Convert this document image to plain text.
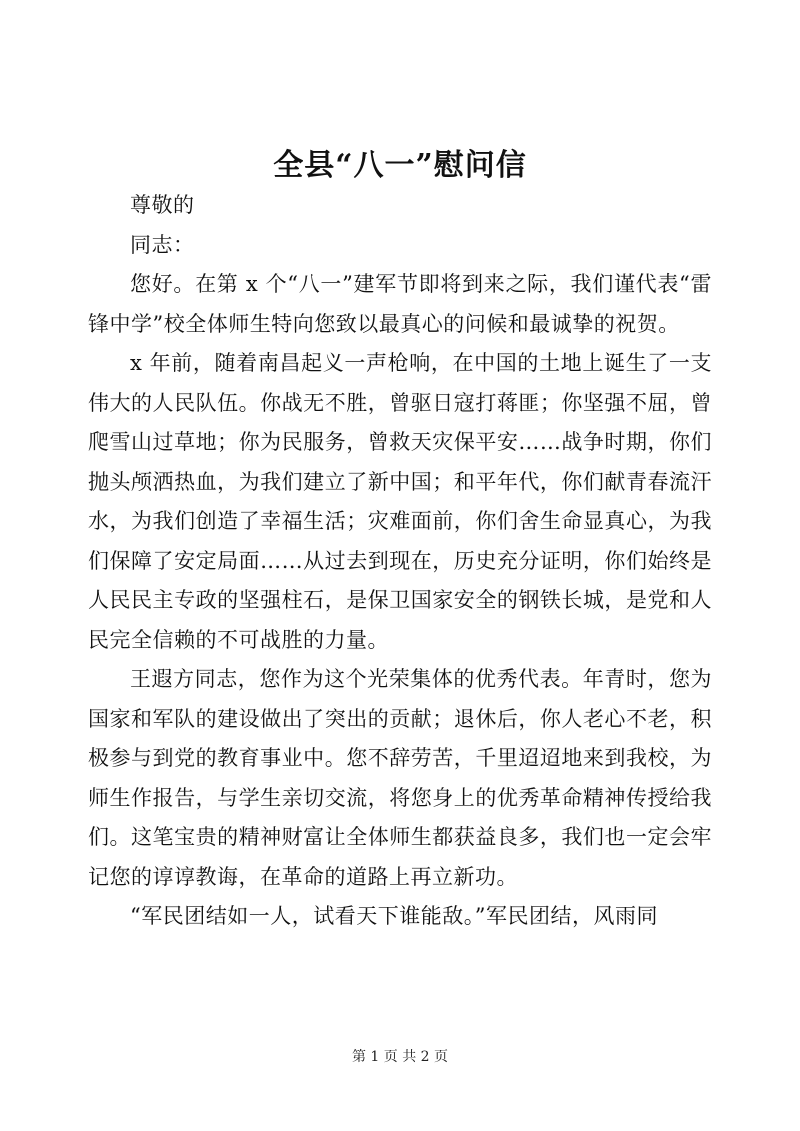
全县“八一”慰问信

尊敬的

同志：

您好。在第 x 个“八一”建军节即将到来之际，我们谨代表“雷锋中学”校全体师生特向您致以最真心的问候和最诚挚的祝贺。

x 年前，随着南昌起义一声枪响，在中国的土地上诞生了一支伟大的人民队伍。你战无不胜，曾驱日寇打蒋匪；你坚强不屈，曾爬雪山过草地；你为民服务，曾救天灾保平安……战争时期，你们抛头颅洒热血，为我们建立了新中国；和平年代，你们献青春流汗水，为我们创造了幸福生活；灾难面前，你们舍生命显真心，为我们保障了安定局面……从过去到现在，历史充分证明，你们始终是人民民主专政的坚强柱石，是保卫国家安全的钢铁长城，是党和人民完全信赖的不可战胜的力量。

王遐方同志，您作为这个光荣集体的优秀代表。年青时，您为国家和军队的建设做出了突出的贡献；退休后，你人老心不老，积极参与到党的教育事业中。您不辞劳苦，千里迢迢地来到我校，为师生作报告，与学生亲切交流，将您身上的优秀革命精神传授给我们。这笔宝贵的精神财富让全体师生都获益良多，我们也一定会牢记您的谆谆教诲，在革命的道路上再立新功。

“军民团结如一人，试看天下谁能敌。”军民团结，风雨同

第 1 页 共 2 页
